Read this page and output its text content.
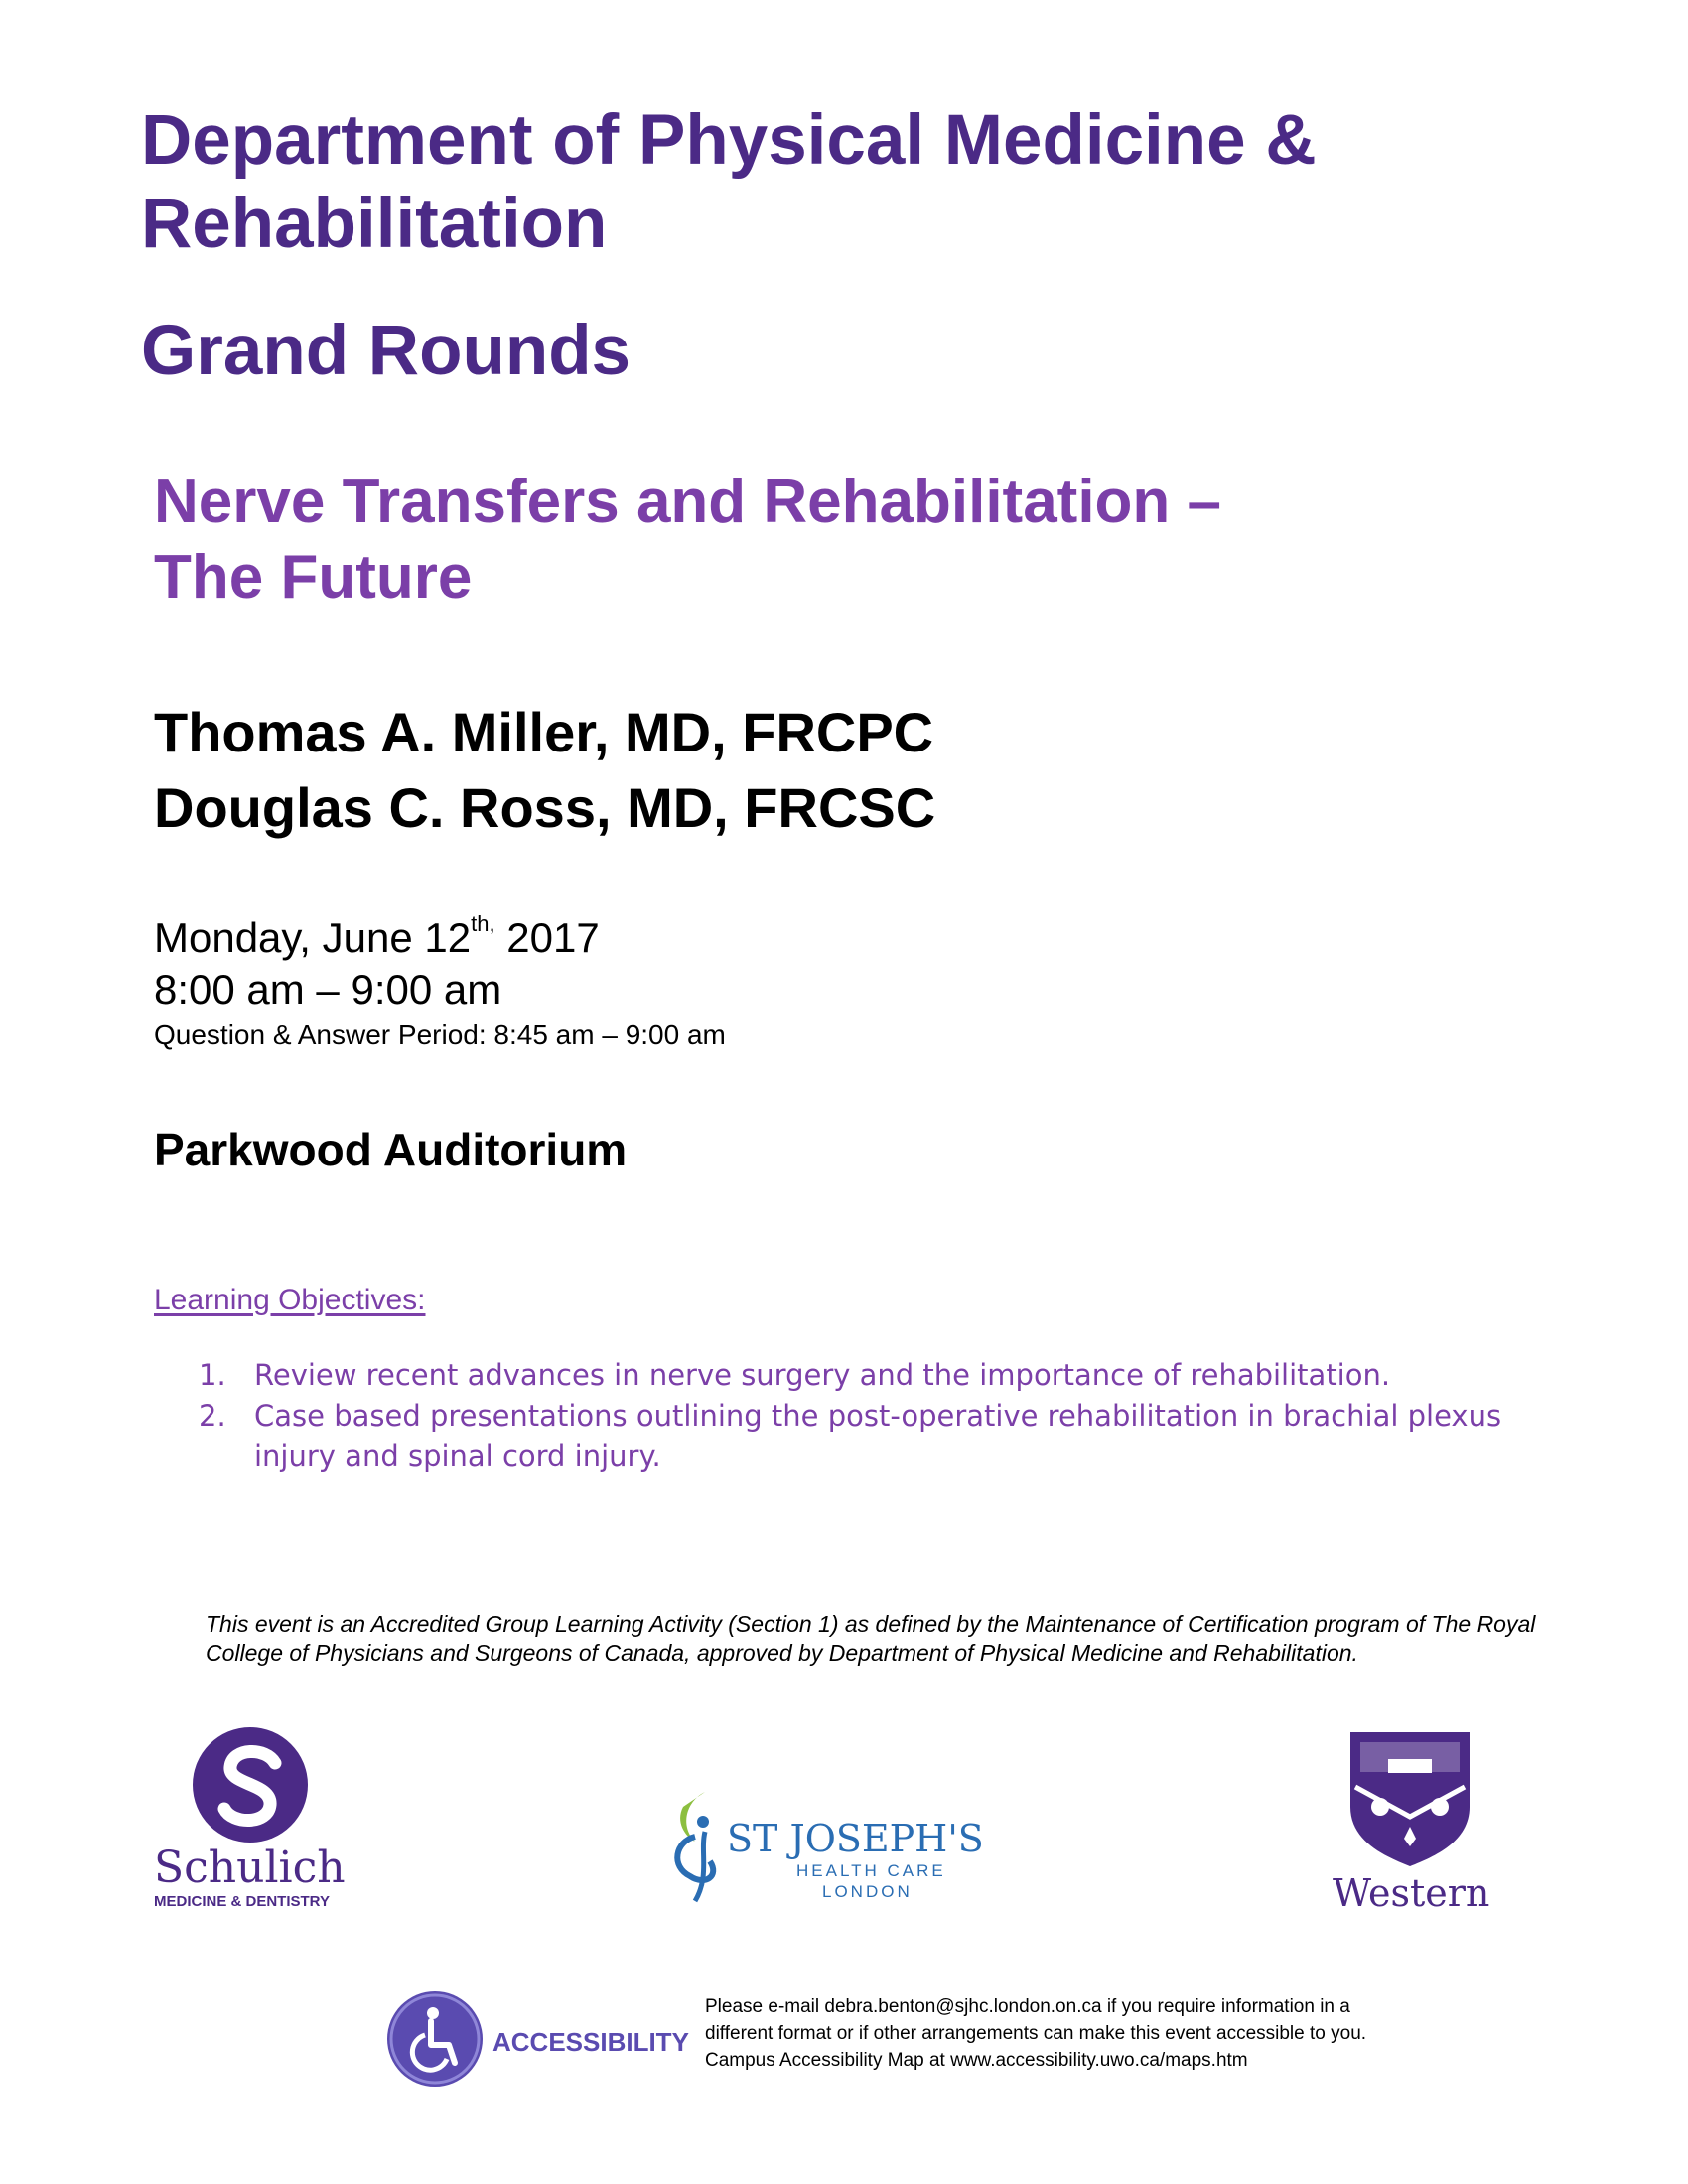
Department of Physical Medicine &
Rehabilitation
Grand Rounds
Nerve Transfers and Rehabilitation –
The Future
Thomas A. Miller, MD, FRCPC
Douglas C. Ross, MD, FRCSC
Monday, June $12^{th,}$ 2017
8:00 am – 9:00 am
Question & Answer Period: 8:45 am – 9:00 am
Parkwood Auditorium
Learning Objectives:
1. Review recent advances in nerve surgery and the importance of rehabilitation.
2. Case based presentations outlining the post-operative rehabilitation in brachial plexus injury and spinal cord injury.
This event is an Accredited Group Learning Activity (Section 1) as defined by the Maintenance of Certification program of The Royal College of Physicians and Surgeons of Canada, approved by Department of Physical Medicine and Rehabilitation.
Schulich
MEDICINE & DENTISTRY
ST JOSEPH'S
HEALTH CARE
LONDON	Western
ACCESSIBILITY
Please e-mail debra.benton@sjhc.london.on.ca if you require information in a
different format or if other arrangements can make this event accessible to you.
Campus Accessibility Map at www.accessibility.uwo.ca/maps.htm
